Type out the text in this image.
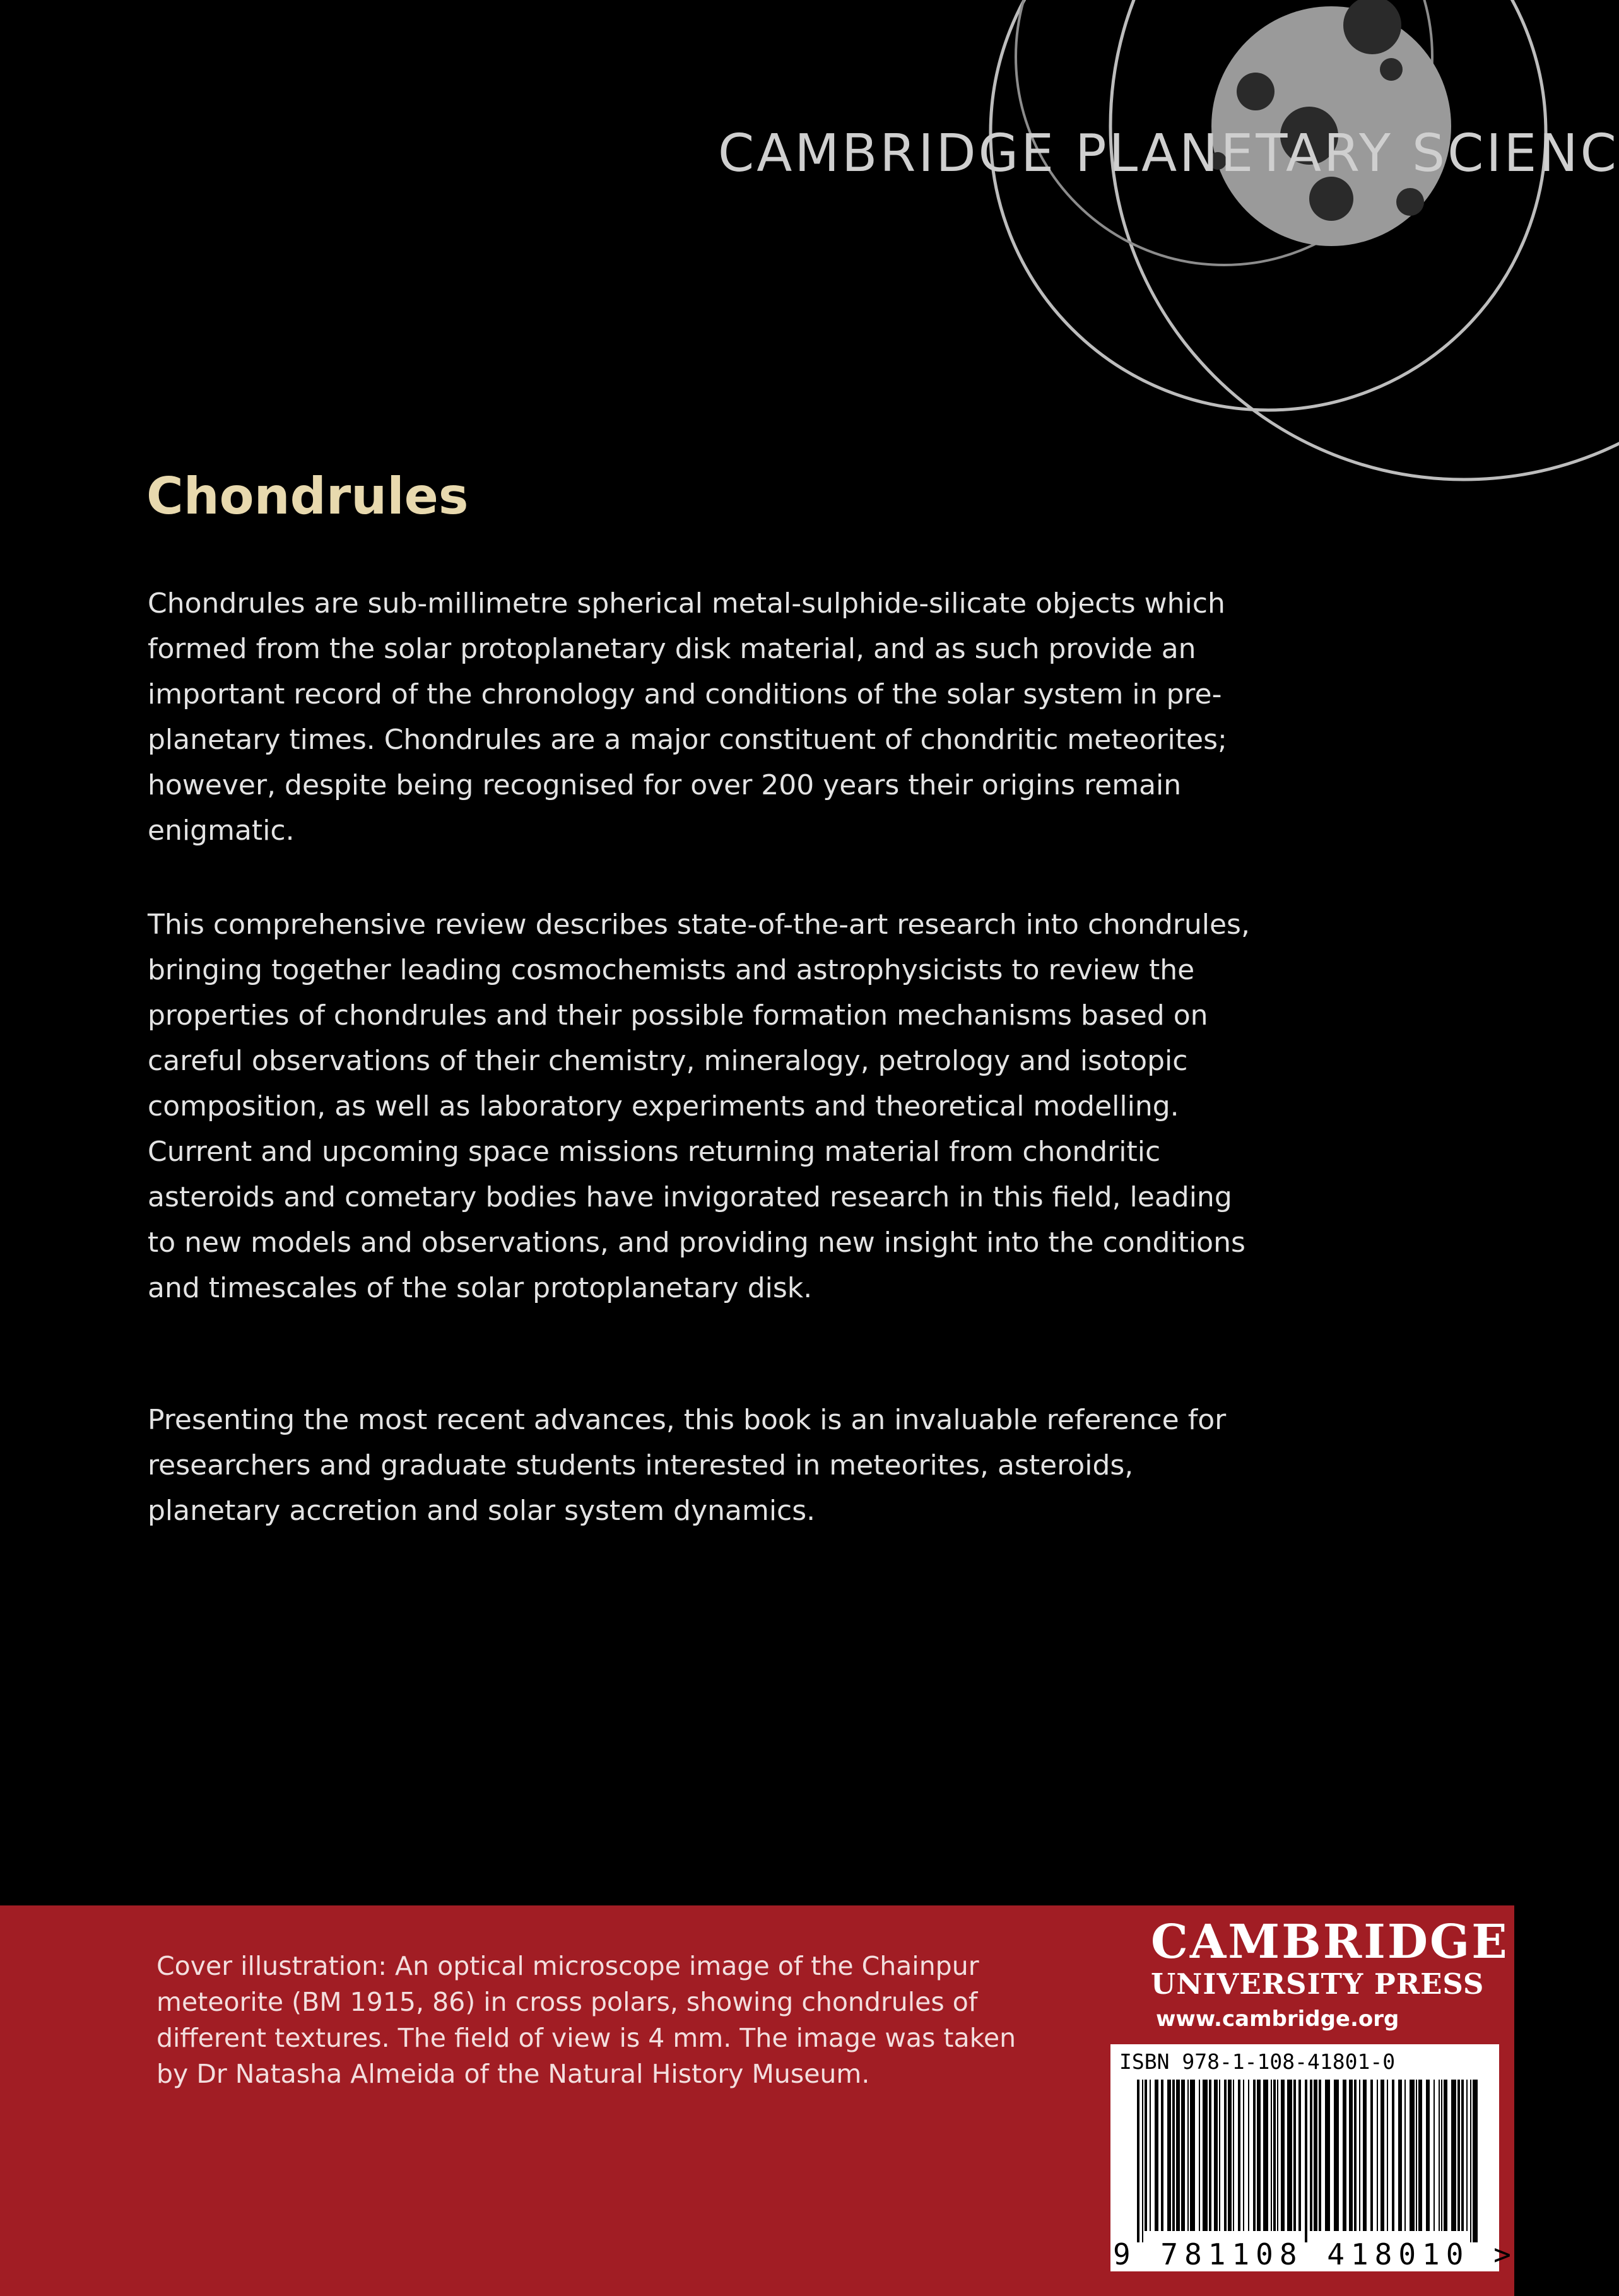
CAMBRIDGE PLANETARY SCIENC

Chondrules

Chondrules are sub-millimetre spherical metal-sulphide-silicate objects which formed from the solar protoplanetary disk material, and as such provide an important record of the chronology and conditions of the solar system in pre-planetary times. Chondrules are a major constituent of chondritic meteorites; however, despite being recognised for over 200 years their origins remain enigmatic.

This comprehensive review describes state-of-the-art research into chondrules, bringing together leading cosmochemists and astrophysicists to review the properties of chondrules and their possible formation mechanisms based on careful observations of their chemistry, mineralogy, petrology and isotopic composition, as well as laboratory experiments and theoretical modelling. Current and upcoming space missions returning material from chondritic asteroids and cometary bodies have invigorated research in this field, leading to new models and observations, and providing new insight into the conditions and timescales of the solar protoplanetary disk.

Presenting the most recent advances, this book is an invaluable reference for researchers and graduate students interested in meteorites, asteroids, planetary accretion and solar system dynamics.

Cover illustration: An optical microscope image of the Chainpur meteorite (BM 1915, 86) in cross polars, showing chondrules of different textures. The field of view is 4 mm. The image was taken by Dr Natasha Almeida of the Natural History Museum.

CAMBRIDGE
UNIVERSITY PRESS

www.cambridge.org

ISBN 978-1-108-41801-0

9 781108 418010 >
